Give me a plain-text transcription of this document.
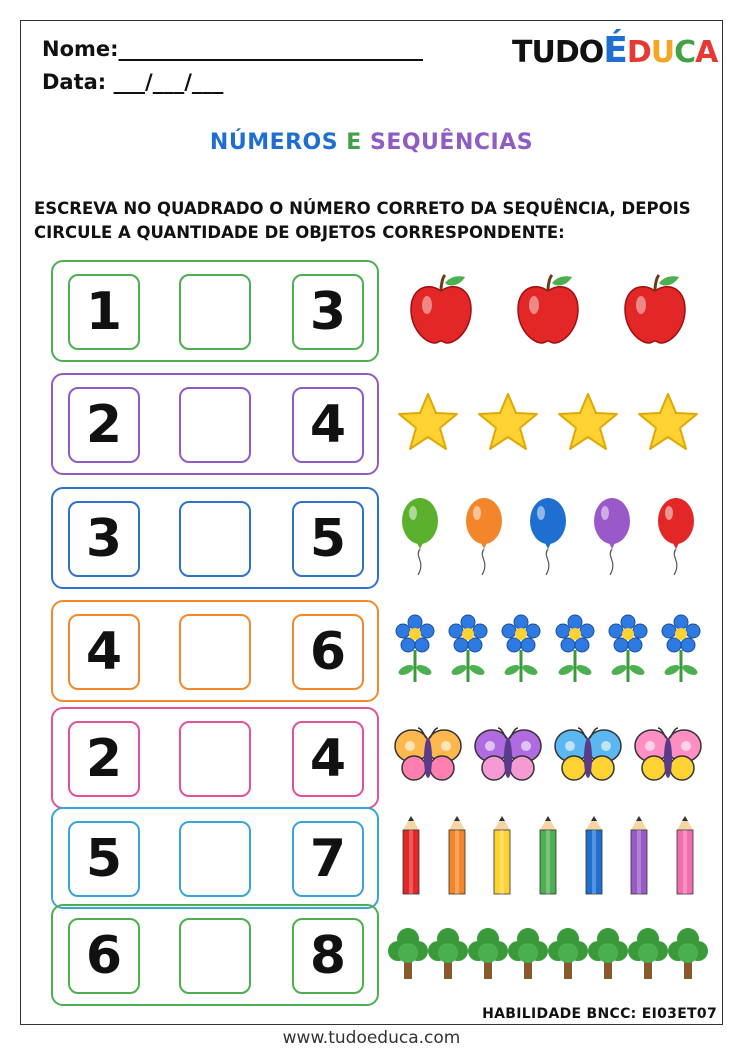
Nome:_____________________________
Data: ___/___/___
TUDOÉDUCA
NÚMEROS E SEQUÊNCIAS
ESCREVA NO QUADRADO O NÚMERO CORRETO DA SEQUÊNCIA, DEPOIS CIRCULE A QUANTIDADE DE OBJETOS CORRESPONDENTE:
1	3
2	4
3	5
4	6
2	4
5	7
6	8
HABILIDADE BNCC: EI03ET07
www.tudoeduca.com
